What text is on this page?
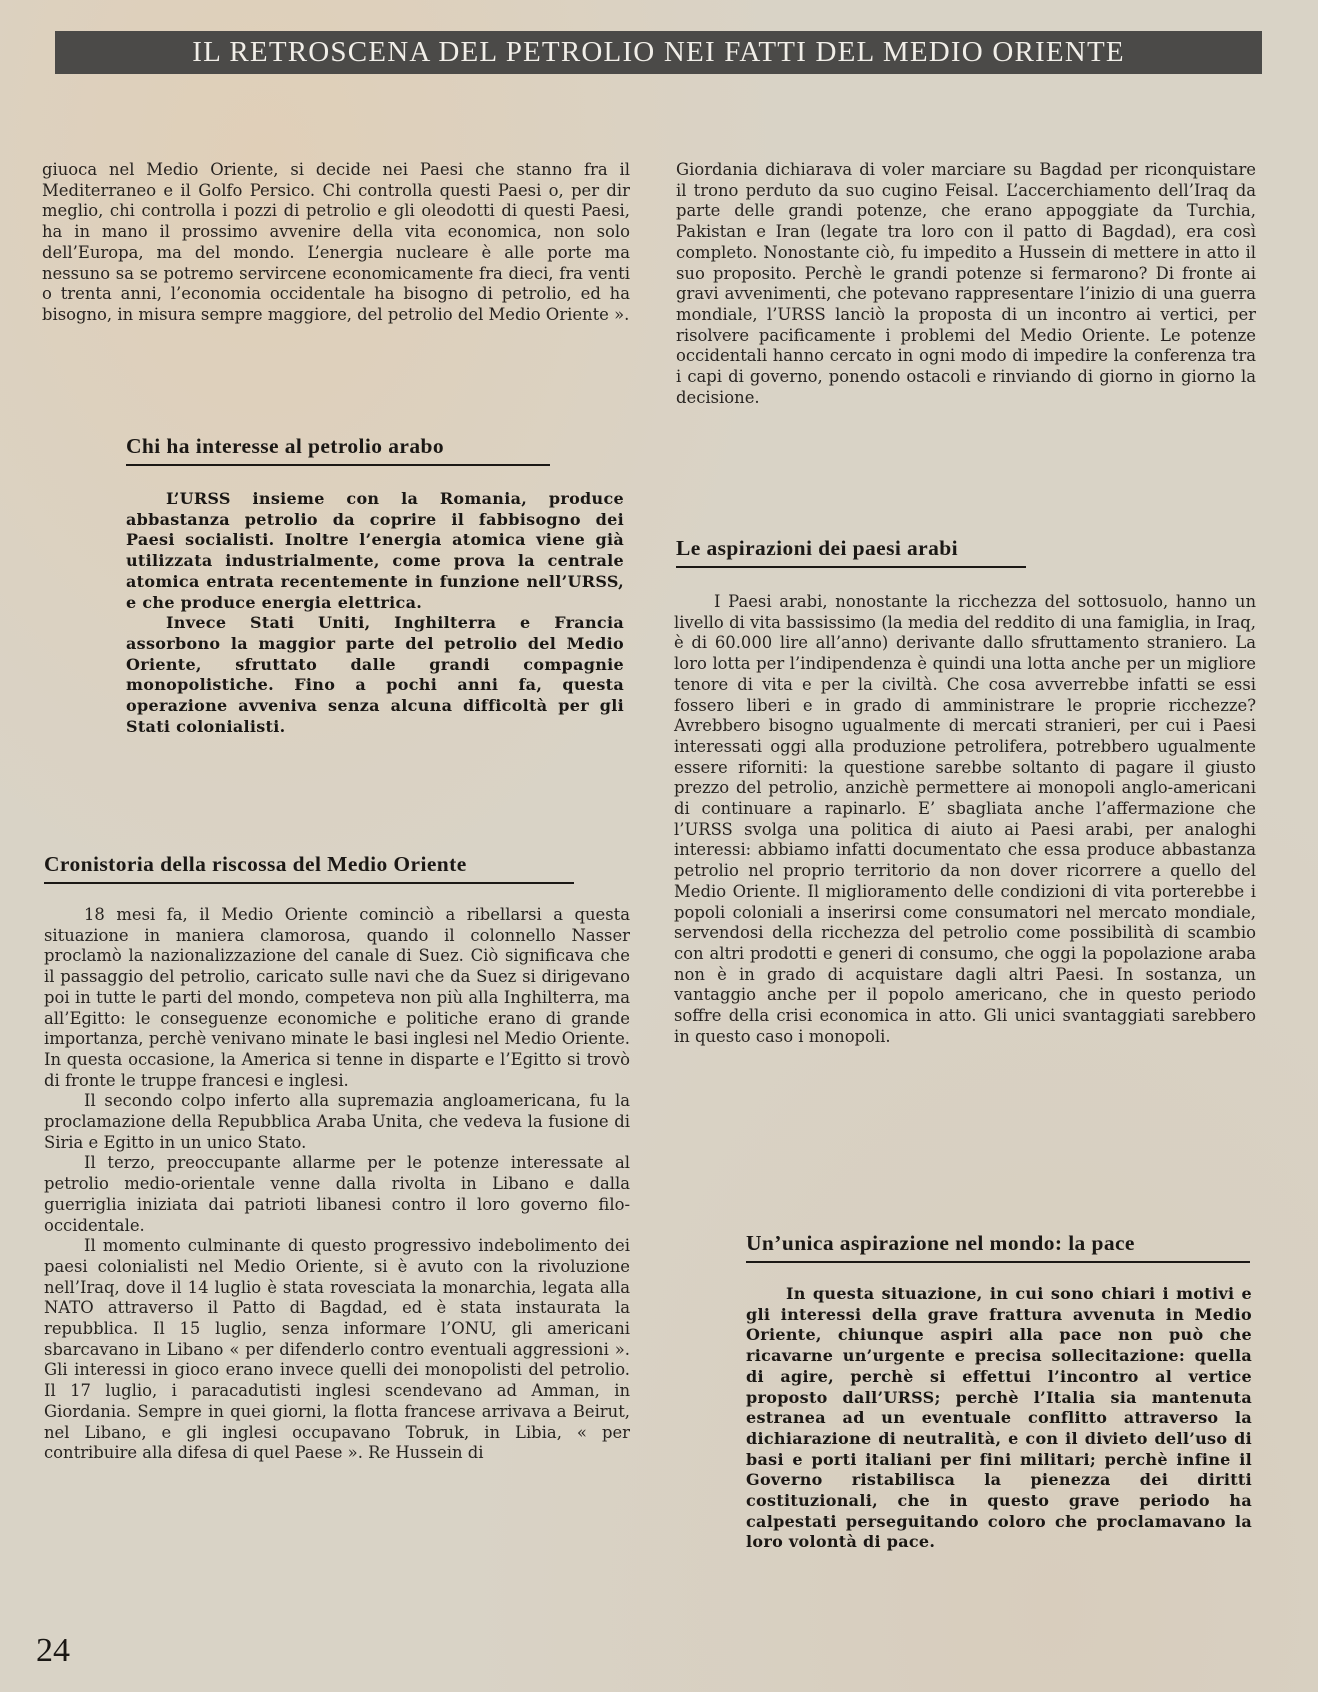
IL RETROSCENA DEL PETROLIO NEI FATTI DEL MEDIO ORIENTE

giuoca nel Medio Oriente, si decide nei Paesi che stanno fra il Mediterraneo e il Golfo Persico. Chi controlla questi Paesi o, per dir meglio, chi controlla i pozzi di petrolio e gli oleodotti di questi Paesi, ha in mano il prossimo avvenire della vita economica, non solo dell’Europa, ma del mondo. L’energia nucleare è alle porte ma nessuno sa se potremo servircene economicamente fra dieci, fra venti o trenta anni, l’economia occidentale ha bisogno di petrolio, ed ha bisogno, in misura sempre maggiore, del petrolio del Medio Oriente ».

Chi ha interesse al petrolio arabo

L’URSS insieme con la Romania, produce abbastanza petrolio da coprire il fabbisogno dei Paesi socialisti. Inoltre l’energia atomica viene già utilizzata industrialmente, come prova la centrale atomica entrata recentemente in funzione nell’URSS, e che produce energia elettrica.

Invece Stati Uniti, Inghilterra e Francia assorbono la maggior parte del petrolio del Medio Oriente, sfruttato dalle grandi compagnie monopolistiche. Fino a pochi anni fa, questa operazione avveniva senza alcuna difficoltà per gli Stati colonialisti.

Cronistoria della riscossa del Medio Oriente

18 mesi fa, il Medio Oriente cominciò a ribellarsi a questa situazione in maniera clamorosa, quando il colonnello Nasser proclamò la nazionalizzazione del canale di Suez. Ciò significava che il passaggio del petrolio, caricato sulle navi che da Suez si dirigevano poi in tutte le parti del mondo, competeva non più alla Inghilterra, ma all’Egitto: le conseguenze economiche e politiche erano di grande importanza, perchè venivano minate le basi inglesi nel Medio Oriente. In questa occasione, la America si tenne in disparte e l’Egitto si trovò di fronte le truppe francesi e inglesi.

Il secondo colpo inferto alla supremazia angloamericana, fu la proclamazione della Repubblica Araba Unita, che vedeva la fusione di Siria e Egitto in un unico Stato.

Il terzo, preoccupante allarme per le potenze interessate al petrolio medio-orientale venne dalla rivolta in Libano e dalla guerriglia iniziata dai patrioti libanesi contro il loro governo filo-occidentale.

Il momento culminante di questo progressivo indebolimento dei paesi colonialisti nel Medio Oriente, si è avuto con la rivoluzione nell’Iraq, dove il 14 luglio è stata rovesciata la monarchia, legata alla NATO attraverso il Patto di Bagdad, ed è stata instaurata la repubblica. Il 15 luglio, senza informare l’ONU, gli americani sbarcavano in Libano « per difenderlo contro eventuali aggressioni ». Gli interessi in gioco erano invece quelli dei monopolisti del petrolio. Il 17 luglio, i paracadutisti inglesi scendevano ad Amman, in Giordania. Sempre in quei giorni, la flotta francese arrivava a Beirut, nel Libano, e gli inglesi occupavano Tobruk, in Libia, « per contribuire alla difesa di quel Paese ». Re Hussein di

Giordania dichiarava di voler marciare su Bagdad per riconquistare il trono perduto da suo cugino Feisal. L’accerchiamento dell’Iraq da parte delle grandi potenze, che erano appoggiate da Turchia, Pakistan e Iran (legate tra loro con il patto di Bagdad), era così completo. Nonostante ciò, fu impedito a Hussein di mettere in atto il suo proposito. Perchè le grandi potenze si fermarono? Di fronte ai gravi avvenimenti, che potevano rappresentare l’inizio di una guerra mondiale, l’URSS lanciò la proposta di un incontro ai vertici, per risolvere pacificamente i problemi del Medio Oriente. Le potenze occidentali hanno cercato in ogni modo di impedire la conferenza tra i capi di governo, ponendo ostacoli e rinviando di giorno in giorno la decisione.

Le aspirazioni dei paesi arabi

I Paesi arabi, nonostante la ricchezza del sottosuolo, hanno un livello di vita bassissimo (la media del reddito di una famiglia, in Iraq, è di 60.000 lire all’anno) derivante dallo sfruttamento straniero. La loro lotta per l’indipendenza è quindi una lotta anche per un migliore tenore di vita e per la civiltà. Che cosa avverrebbe infatti se essi fossero liberi e in grado di amministrare le proprie ricchezze? Avrebbero bisogno ugualmente di mercati stranieri, per cui i Paesi interessati oggi alla produzione petrolifera, potrebbero ugualmente essere riforniti: la questione sarebbe soltanto di pagare il giusto prezzo del petrolio, anzichè permettere ai monopoli anglo-americani di continuare a rapinarlo. E’ sbagliata anche l’affermazione che l’URSS svolga una politica di aiuto ai Paesi arabi, per analoghi interessi: abbiamo infatti documentato che essa produce abbastanza petrolio nel proprio territorio da non dover ricorrere a quello del Medio Oriente. Il miglioramento delle condizioni di vita porterebbe i popoli coloniali a inserirsi come consumatori nel mercato mondiale, servendosi della ricchezza del petrolio come possibilità di scambio con altri prodotti e generi di consumo, che oggi la popolazione araba non è in grado di acquistare dagli altri Paesi. In sostanza, un vantaggio anche per il popolo americano, che in questo periodo soffre della crisi economica in atto. Gli unici svantaggiati sarebbero in questo caso i monopoli.

Un’unica aspirazione nel mondo: la pace

In questa situazione, in cui sono chiari i motivi e gli interessi della grave frattura avvenuta in Medio Oriente, chiunque aspiri alla pace non può che ricavarne un’urgente e precisa sollecitazione: quella di agire, perchè si effettui l’incontro al vertice proposto dall’URSS; perchè l’Italia sia mantenuta estranea ad un eventuale conflitto attraverso la dichiarazione di neutralità, e con il divieto dell’uso di basi e porti italiani per fini militari; perchè infine il Governo ristabilisca la pienezza dei diritti costituzionali, che in questo grave periodo ha calpestati perseguitando coloro che proclamavano la loro volontà di pace.

24
